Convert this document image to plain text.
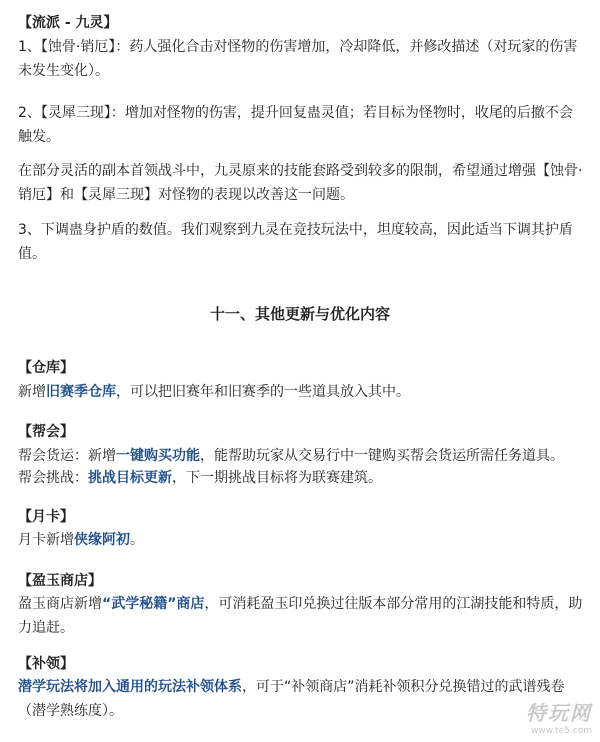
【流派 - 九灵】

1、【蚀骨·销厄】：药人强化合击对怪物的伤害增加，冷却降低，并修改描述（对玩家的伤害未发生变化）。

2、【灵犀三现】：增加对怪物的伤害，提升回复蛊灵值；若目标为怪物时，收尾的后撤不会触发。

在部分灵活的副本首领战斗中，九灵原来的技能套路受到较多的限制，希望通过增强【蚀骨·销厄】和【灵犀三现】对怪物的表现以改善这一问题。

3、下调蛊身护盾的数值。我们观察到九灵在竞技玩法中，坦度较高，因此适当下调其护盾值。

十一、其他更新与优化内容

【仓库】

新增旧赛季仓库，可以把旧赛年和旧赛季的一些道具放入其中。

【帮会】

帮会货运：新增一键购买功能，能帮助玩家从交易行中一键购买帮会货运所需任务道具。

帮会挑战：挑战目标更新，下一期挑战目标将为联赛建筑。

【月卡】

月卡新增侠缘阿初。

【盈玉商店】

盈玉商店新增“武学秘籍”商店，可消耗盈玉印兑换过往版本部分常用的江湖技能和特质，助力追赶。

【补领】

潜学玩法将加入通用的玩法补领体系，可于“补领商店”消耗补领积分兑换错过的武谱残卷（潜学熟练度）。	特玩网
www.te5.com
